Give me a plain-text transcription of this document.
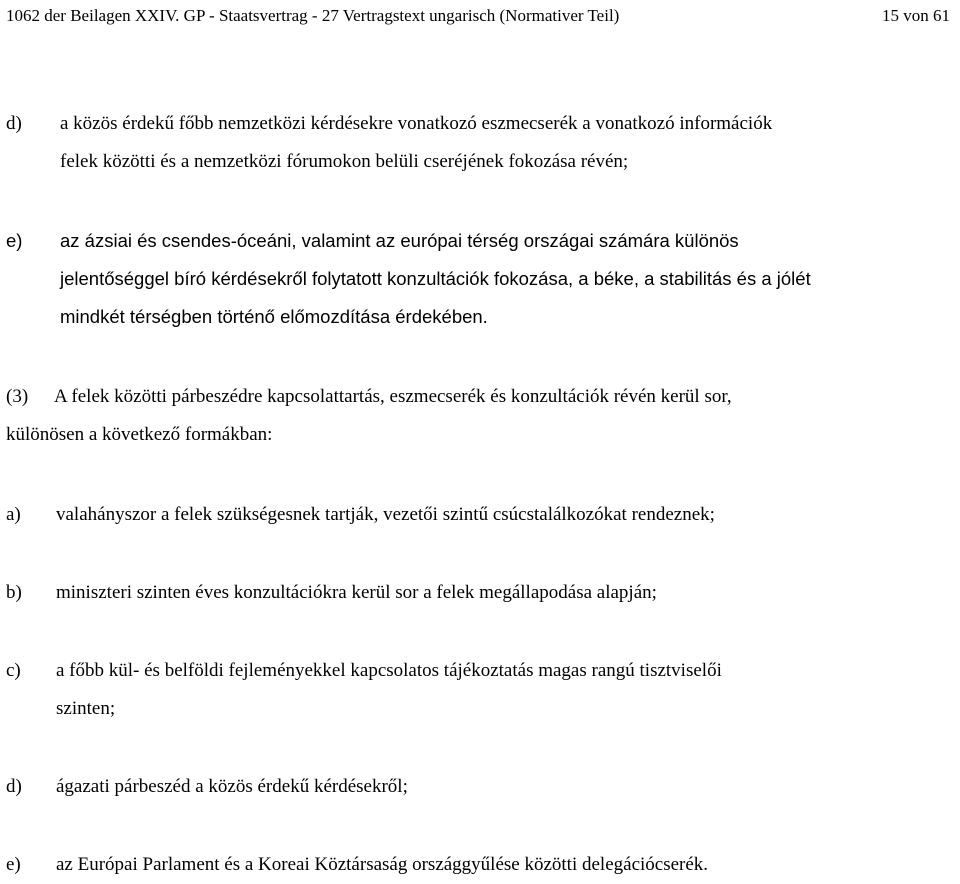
1062 der Beilagen XXIV. GP - Staatsvertrag - 27 Vertragstext ungarisch (Normativer Teil)	15 von 61
d) a közös érdekű főbb nemzetközi kérdésekre vonatkozó eszmecserék a vonatkozó információk
felek közötti és a nemzetközi fórumokon belüli cseréjének fokozása révén;
e) az ázsiai és csendes-óceáni, valamint az európai térség országai számára különös
jelentőséggel bíró kérdésekről folytatott konzultációk fokozása, a béke, a stabilitás és a jólét
mindkét térségben történő előmozdítása érdekében.
(3) A felek közötti párbeszédre kapcsolattartás, eszmecserék és konzultációk révén kerül sor,
különösen a következő formákban:
a) valahányszor a felek szükségesnek tartják, vezetői szintű csúcstalálkozókat rendeznek;
b) miniszteri szinten éves konzultációkra kerül sor a felek megállapodása alapján;
c) a főbb kül- és belföldi fejleményekkel kapcsolatos tájékoztatás magas rangú tisztviselői
szinten;
d) ágazati párbeszéd a közös érdekű kérdésekről;
e) az Európai Parlament és a Koreai Köztársaság országgyűlése közötti delegációcserék.
